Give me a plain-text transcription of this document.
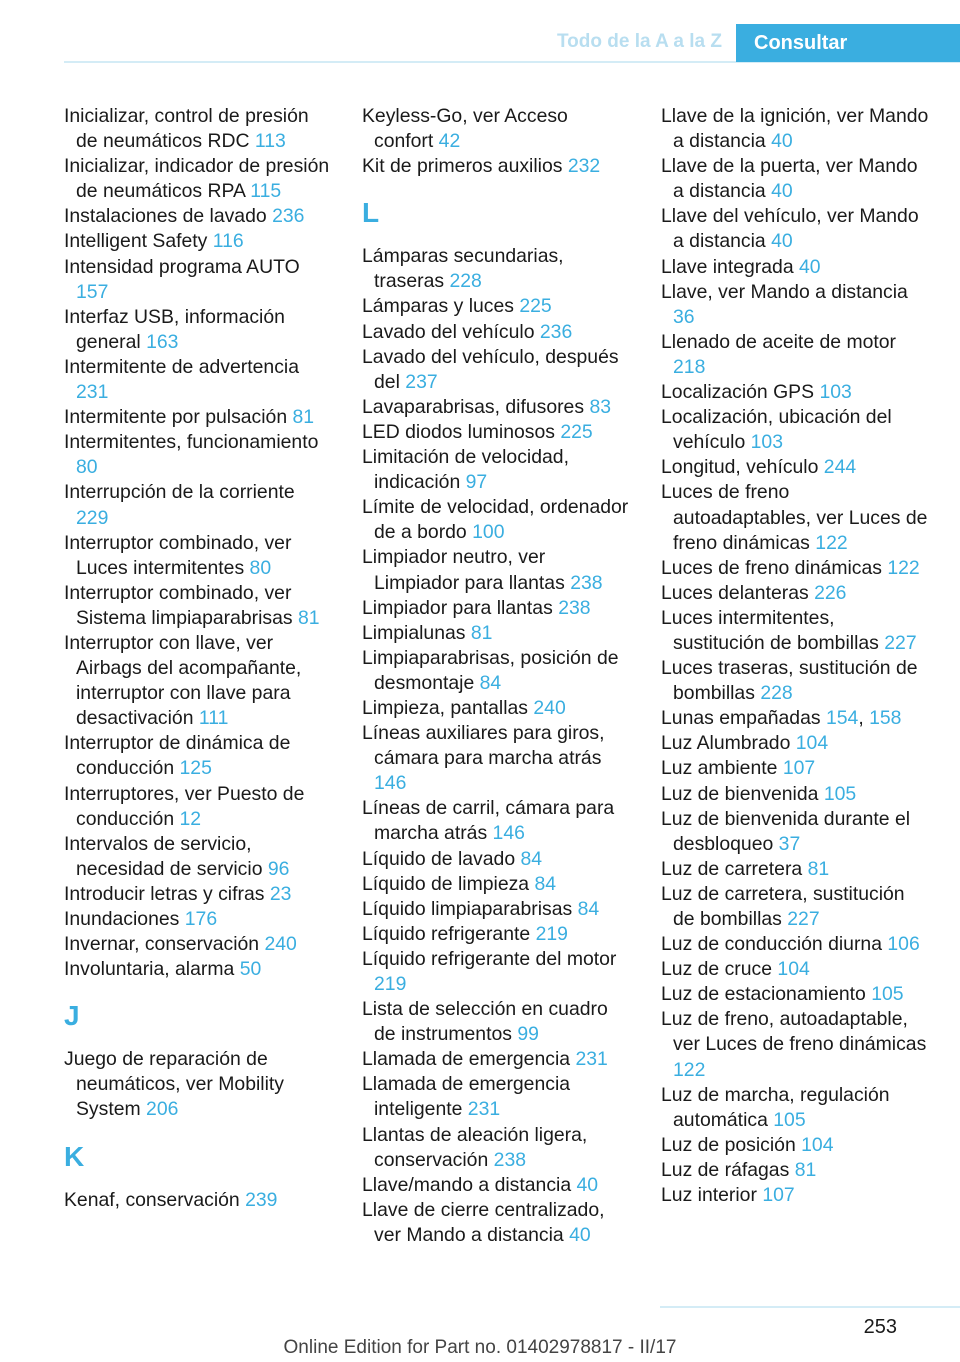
Todo de la A a la Z	Consultar
Inicializar, control de presión de neumáticos RDC 113
Inicializar, indicador de presión de neumáticos RPA 115
Instalaciones de lavado 236
Intelligent Safety 116
Intensidad programa AUTO 157
Interfaz USB, información general 163
Intermitente de advertencia 231
Intermitente por pulsación 81
Intermitentes, funcionamiento 80
Interrupción de la corriente 229
Interruptor combinado, ver Luces intermitentes 80
Interruptor combinado, ver Sistema limpiaparabrisas 81
Interruptor con llave, ver Airbags del acompañante, interruptor con llave para desactivación 111
Interruptor de dinámica de conducción 125
Interruptores, ver Puesto de conducción 12
Intervalos de servicio, necesidad de servicio 96
Introducir letras y cifras 23
Inundaciones 176
Invernar, conservación 240
Involuntaria, alarma 50
J
Juego de reparación de neumáticos, ver Mobility System 206
K
Kenaf, conservación 239
Keyless-Go, ver Acceso confort 42
Kit de primeros auxilios 232
L
Lámparas secundarias, traseras 228
Lámparas y luces 225
Lavado del vehículo 236
Lavado del vehículo, después del 237
Lavaparabrisas, difusores 83
LED diodos luminosos 225
Limitación de velocidad, indicación 97
Límite de velocidad, ordenador de a bordo 100
Limpiador neutro, ver Limpiador para llantas 238
Limpiador para llantas 238
Limpialunas 81
Limpiaparabrisas, posición de desmontaje 84
Limpieza, pantallas 240
Líneas auxiliares para giros, cámara para marcha atrás 146
Líneas de carril, cámara para marcha atrás 146
Líquido de lavado 84
Líquido de limpieza 84
Líquido limpiaparabrisas 84
Líquido refrigerante 219
Líquido refrigerante del motor 219
Lista de selección en cuadro de instrumentos 99
Llamada de emergencia 231
Llamada de emergencia inteligente 231
Llantas de aleación ligera, conservación 238
Llave/mando a distancia 40
Llave de cierre centralizado, ver Mando a distancia 40
Llave de la ignición, ver Mando a distancia 40
Llave de la puerta, ver Mando a distancia 40
Llave del vehículo, ver Mando a distancia 40
Llave integrada 40
Llave, ver Mando a distancia 36
Llenado de aceite de motor 218
Localización GPS 103
Localización, ubicación del vehículo 103
Longitud, vehículo 244
Luces de freno autoadaptables, ver Luces de freno dinámicas 122
Luces de freno dinámicas 122
Luces delanteras 226
Luces intermitentes, sustitución de bombillas 227
Luces traseras, sustitución de bombillas 228
Lunas empañadas 154, 158
Luz Alumbrado 104
Luz ambiente 107
Luz de bienvenida 105
Luz de bienvenida durante el desbloqueo 37
Luz de carretera 81
Luz de carretera, sustitución de bombillas 227
Luz de conducción diurna 106
Luz de cruce 104
Luz de estacionamiento 105
Luz de freno, autoadaptable, ver Luces de freno dinámicas 122
Luz de marcha, regulación automática 105
Luz de posición 104
Luz de ráfagas 81
Luz interior 107
253
Online Edition for Part no. 01402978817 - II/17
